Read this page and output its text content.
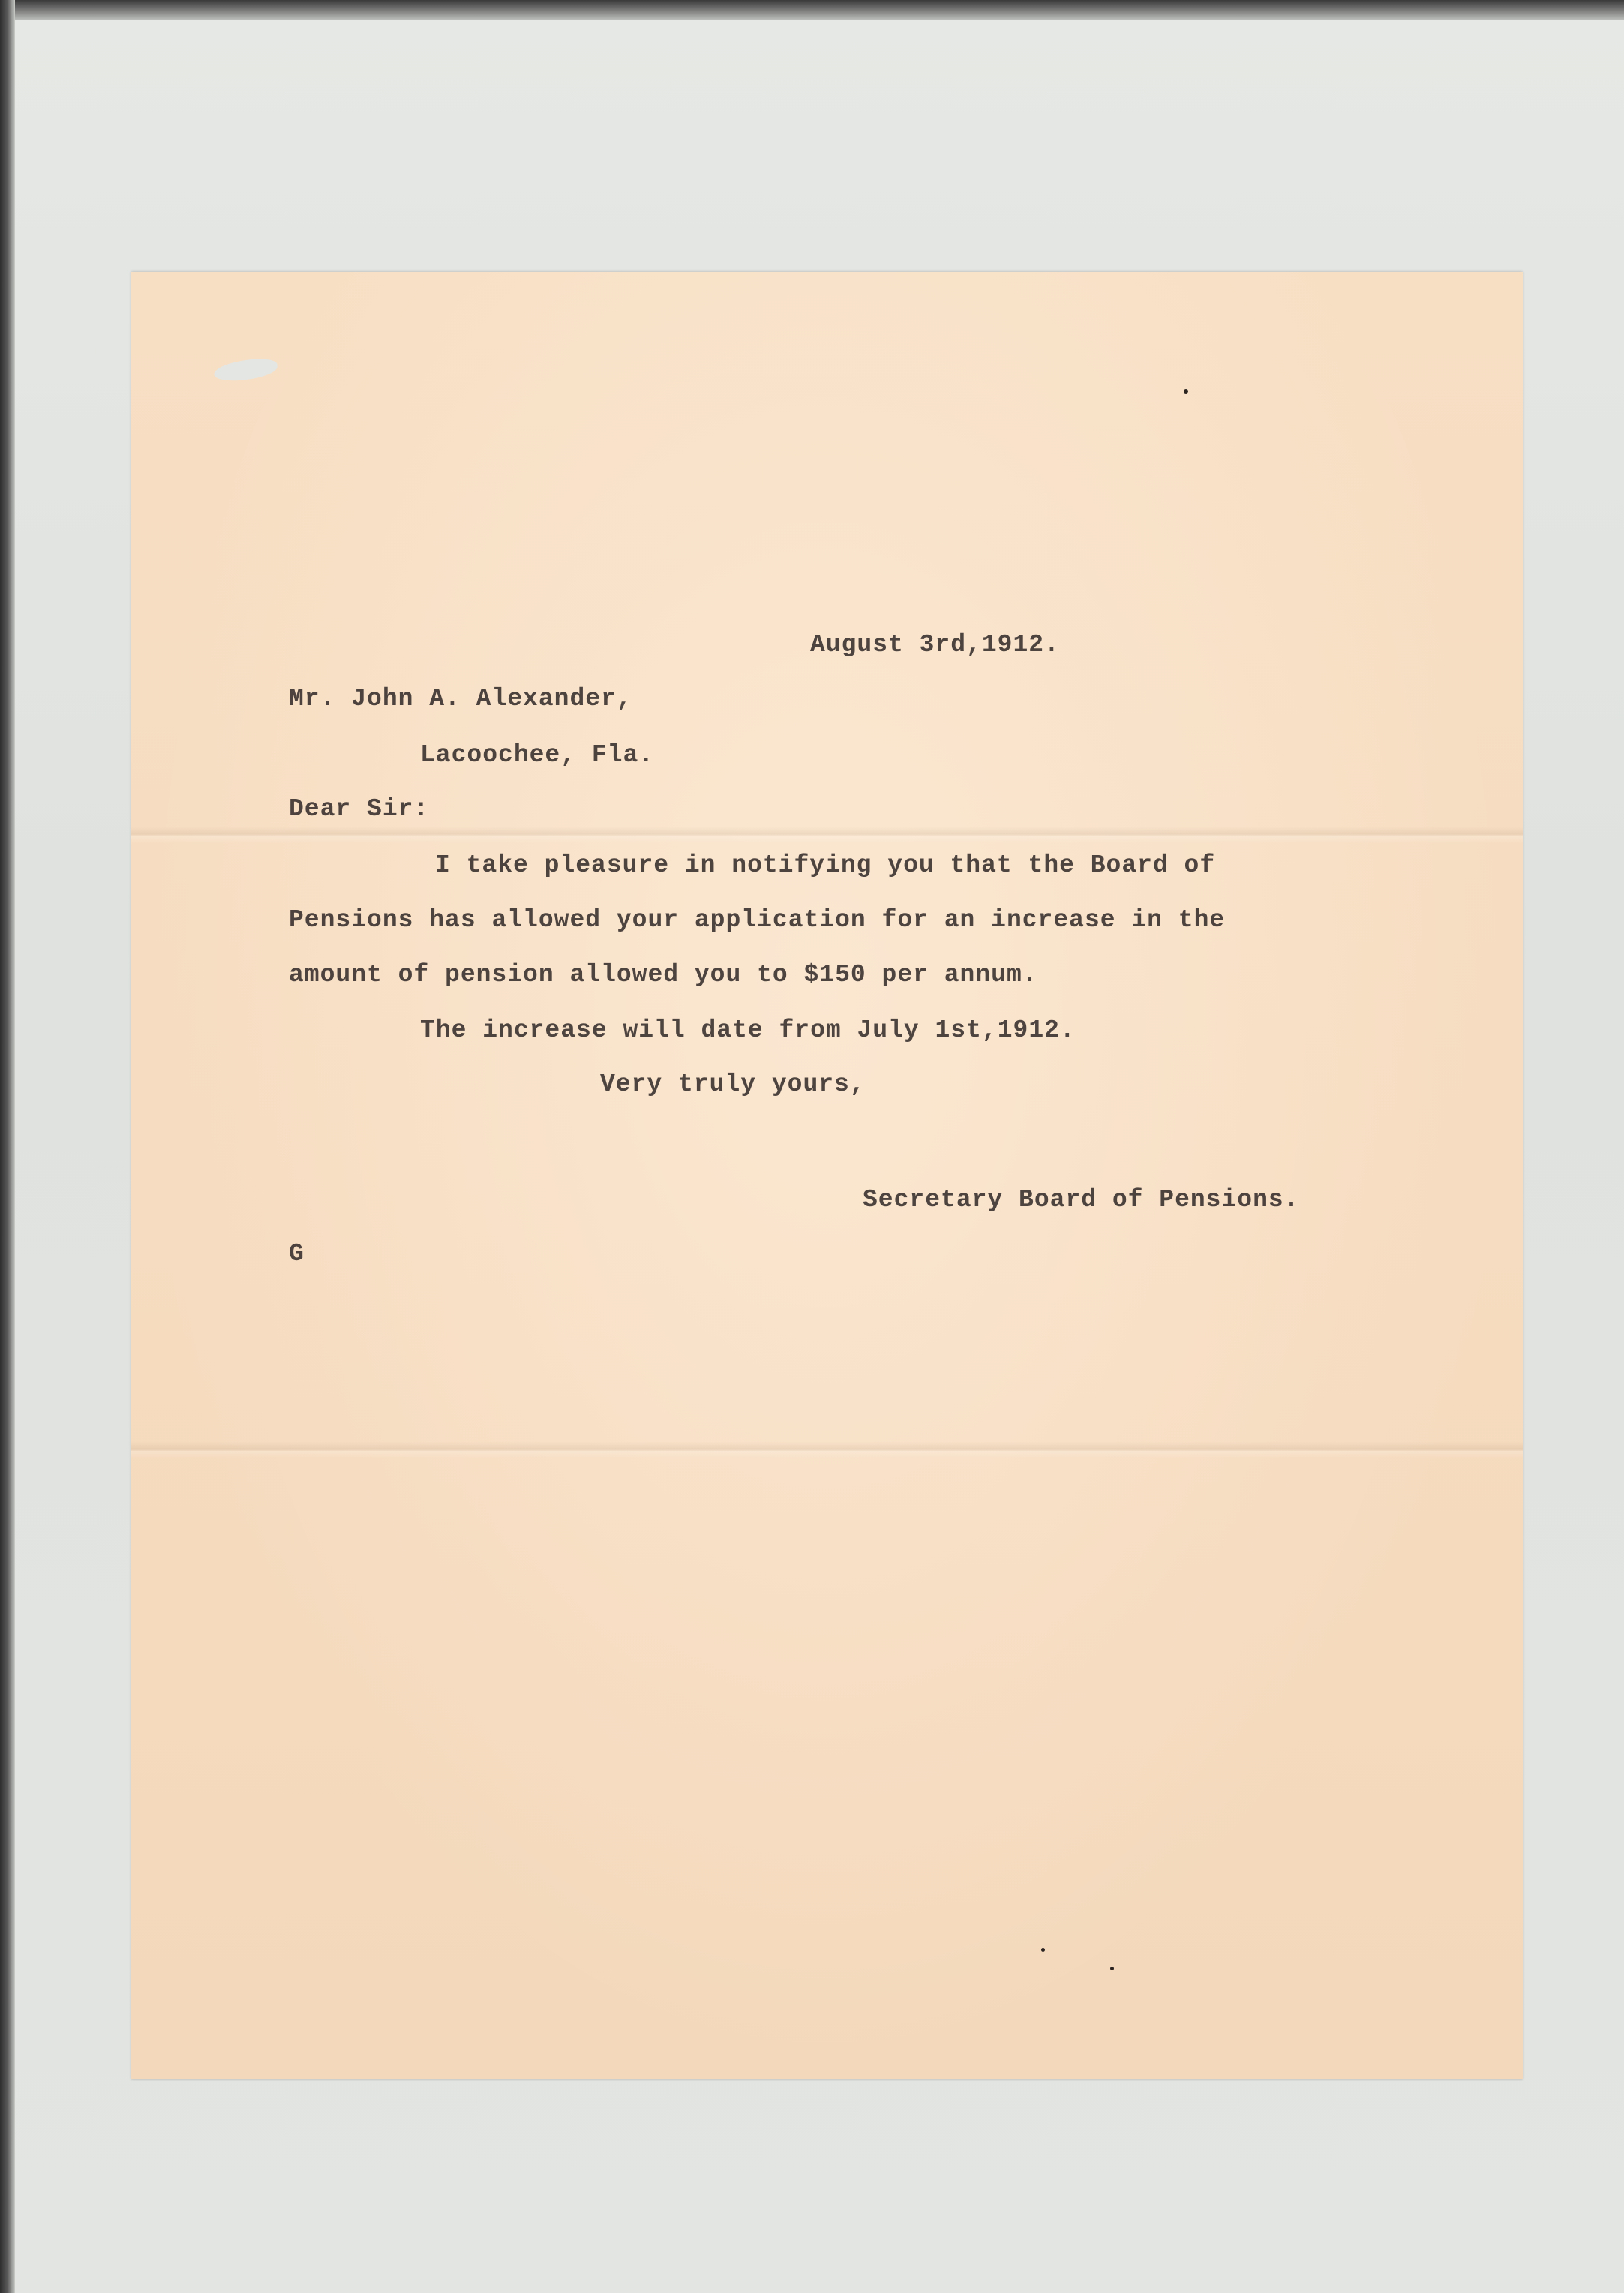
August 3rd,1912.
Mr. John A. Alexander,
Lacoochee, Fla.
Dear Sir:
I take pleasure in notifying you that the Board of
Pensions has allowed your application for an increase in the
amount of pension allowed you to $150 per annum.
The increase will date from July 1st,1912.
Very truly yours,
Secretary Board of Pensions.
G
